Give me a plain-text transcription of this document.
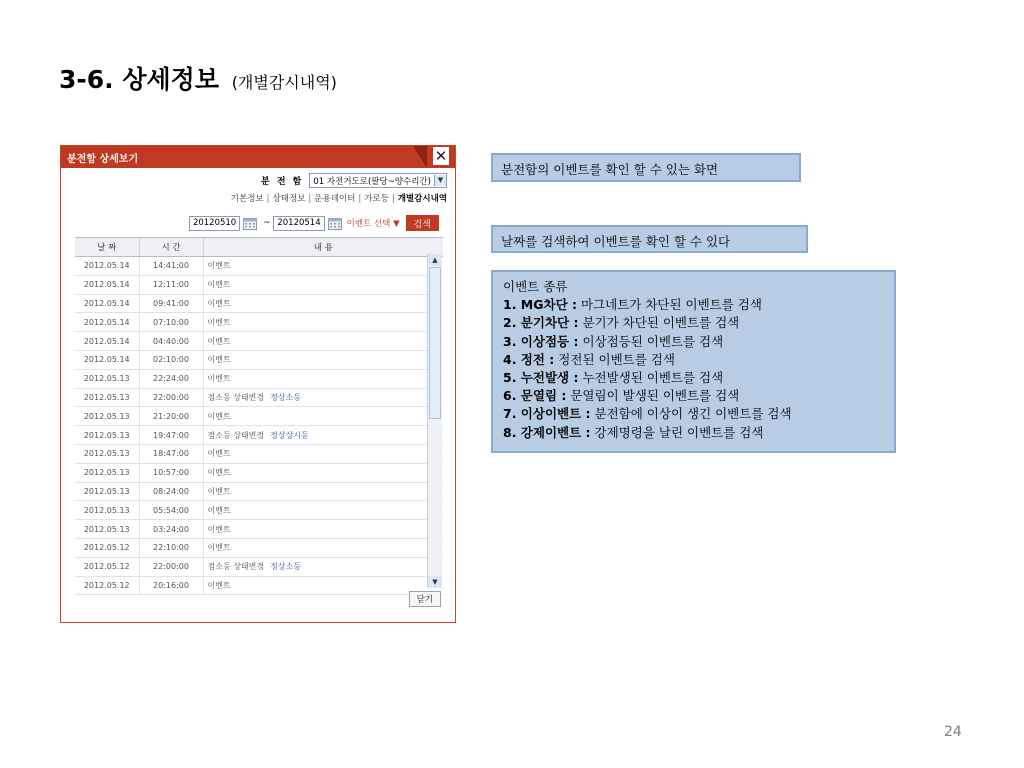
3-6. 상세정보 (개별감시내역)
분전함 상세보기	✕
분 전 함 01 자전거도로(팔당~양수리간) ▼
기본정보 | 상태정보 | 운용데이터 | 가로등 | 개별감시내역
20120510	~ 20120514	이벤트 선택 ▼	검색
날 짜	시 간	내 용
2012.05.14	14:41:00	이벤트
2012.05.14	12:11:00	이벤트
2012.05.14	09:41:00	이벤트
2012.05.14	07:10:00	이벤트
2012.05.14	04:40:00	이벤트
2012.05.14	02:10:00	이벤트
2012.05.13	22:24:00	이벤트
2012.05.13	22:00:00	점소등 상태변경 정상소등
2012.05.13	21:20:00	이벤트
2012.05.13	19:47:00	점소등 상태변경 정상상시등
2012.05.13	18:47:00	이벤트
2012.05.13	10:57:00	이벤트
2012.05.13	08:24:00	이벤트
2012.05.13	05:54:00	이벤트
2012.05.13	03:24:00	이벤트
2012.05.12	22:10:00	이벤트
2012.05.12	22:00:00	점소등 상태변경 정상소등
2012.05.12	20:16:00	이벤트
▲
▼
닫기
분전함의 이벤트를 확인 할 수 있는 화면
날짜를 검색하여 이벤트를 확인 할 수 있다
이벤트 종류
1. MG차단 : 마그네트가 차단된 이벤트를 검색
2. 분기차단 : 분기가 차단된 이벤트를 검색
3. 이상점등 : 이상점등된 이벤트를 검색
4. 정전 : 정전된 이벤트를 검색
5. 누전발생 : 누전발생된 이벤트를 검색
6. 문열림 : 문열림이 발생된 이벤트를 검색
7. 이상이벤트 : 분전함에 이상이 생긴 이벤트를 검색
8. 강제이벤트 : 강제명령을 날린 이벤트를 검색
24
